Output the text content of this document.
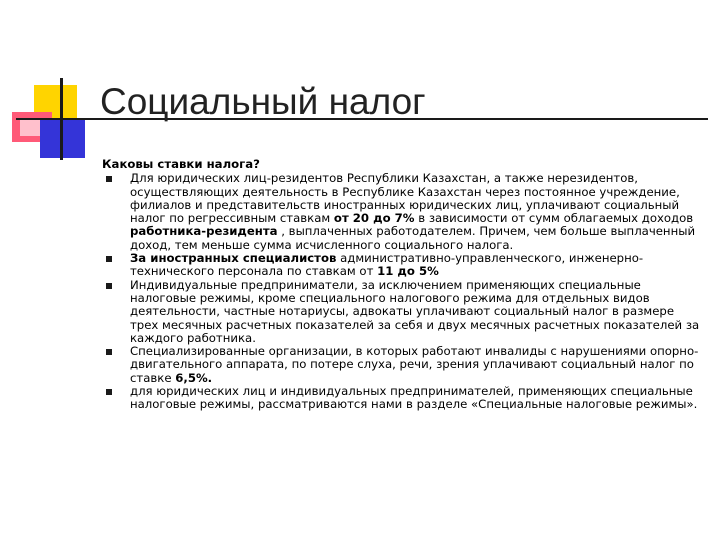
Социальный налог

Каковы ставки налога?

Для юридических лиц-резидентов Республики Казахстан, а также нерезидентов, осуществляющих деятельность в Республике Казахстан через постоянное учреждение, филиалов и представительств иностранных юридических лиц, уплачивают социальный налог по регрессивным ставкам от 20 до 7% в зависимости от сумм облагаемых доходов работника-резидента , выплаченных работодателем. Причем, чем больше выплаченный доход, тем меньше сумма исчисленного социального налога.
За иностранных специалистов административно-управленческого, инженерно-технического персонала по ставкам от 11 до 5%
Индивидуальные предприниматели, за исключением применяющих специальные налоговые режимы, кроме специального налогового режима для отдельных видов деятельности, частные нотариусы, адвокаты уплачивают социальный налог в размере трех месячных расчетных показателей за себя и двух месячных расчетных показателей за каждого работника.
Специализированные организации, в которых работают инвалиды с нарушениями опорно-двигательного аппарата, по потере слуха, речи, зрения уплачивают социальный налог по ставке 6,5%.
для юридических лиц и индивидуальных предпринимателей, применяющих специальные налоговые режимы, рассматриваются нами в разделе «Специальные налоговые режимы».
